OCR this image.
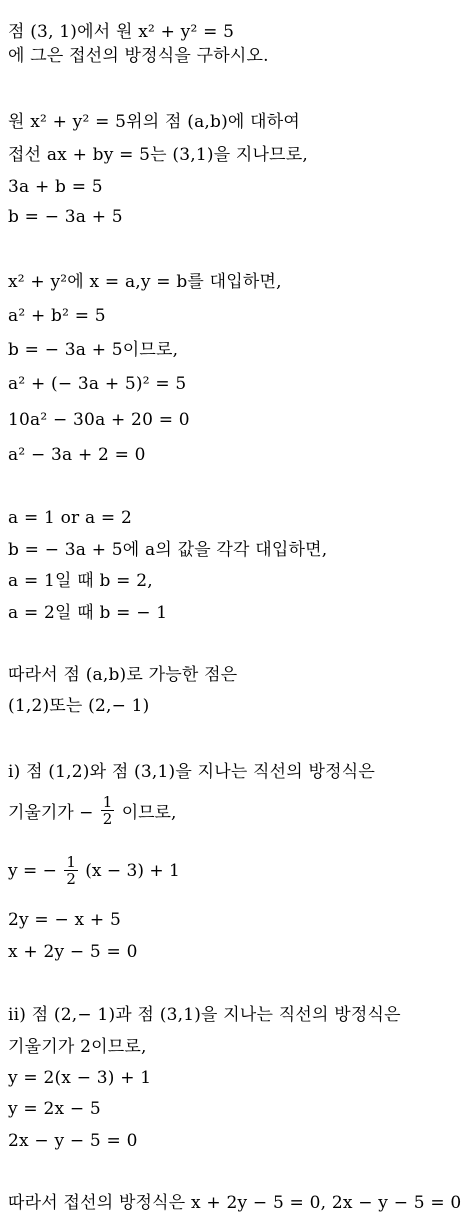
점 (3, 1)에서 원 x² + y² = 5
에 그은 접선의 방정식을 구하시오.
원 x² + y² = 5위의 점 (a,b)에 대하여
접선 ax + by = 5는 (3,1)을 지나므로,
3a + b = 5
b = − 3a + 5
x² + y²에 x = a,y = b를 대입하면,
a² + b² = 5
b = − 3a + 5이므로,
a² + (− 3a + 5)² = 5
10a² − 30a + 20 = 0
a² − 3a + 2 = 0
a = 1 or a = 2
b = − 3a + 5에 a의 값을 각각 대입하면,
a = 1일 때 b = 2,
a = 2일 때 b = − 1
따라서 점 (a,b)로 가능한 점은
(1,2)또는 (2,− 1)
i) 점 (1,2)와 점 (3,1)을 지나는 직선의 방정식은
기울기가 − $\frac{1}{2}$ 이므로,
y = − $\frac{1}{2} (x - 3) + 1$
2y = − x + 5
x + 2y − 5 = 0
ii) 점 (2,− 1)과 점 (3,1)을 지나는 직선의 방정식은
기울기가 2이므로,
y = 2(x − 3) + 1
y = 2x − 5
2x − y − 5 = 0
따라서 접선의 방정식은 x + 2y − 5 = 0, 2x − y − 5 = 0
